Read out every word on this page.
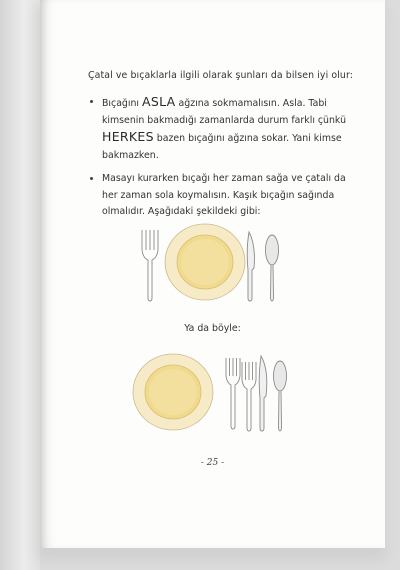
Çatal ve bıçaklarla ilgili olarak şunları da bilsen iyi olur:
Bıçağını ASLA ağzına sokmamalısın. Asla. Tabi kimsenin bakmadığı zamanlarda durum farklı çünkü HERKES bazen bıçağını ağzına sokar. Yani kimse bakmazken.
Masayı kurarken bıçağı her zaman sağa ve çatalı da her zaman sola koymalısın. Kaşık bıçağın sağında olmalıdır. Aşağıdaki şekildeki gibi:
Ya da böyle:
- 25 -
